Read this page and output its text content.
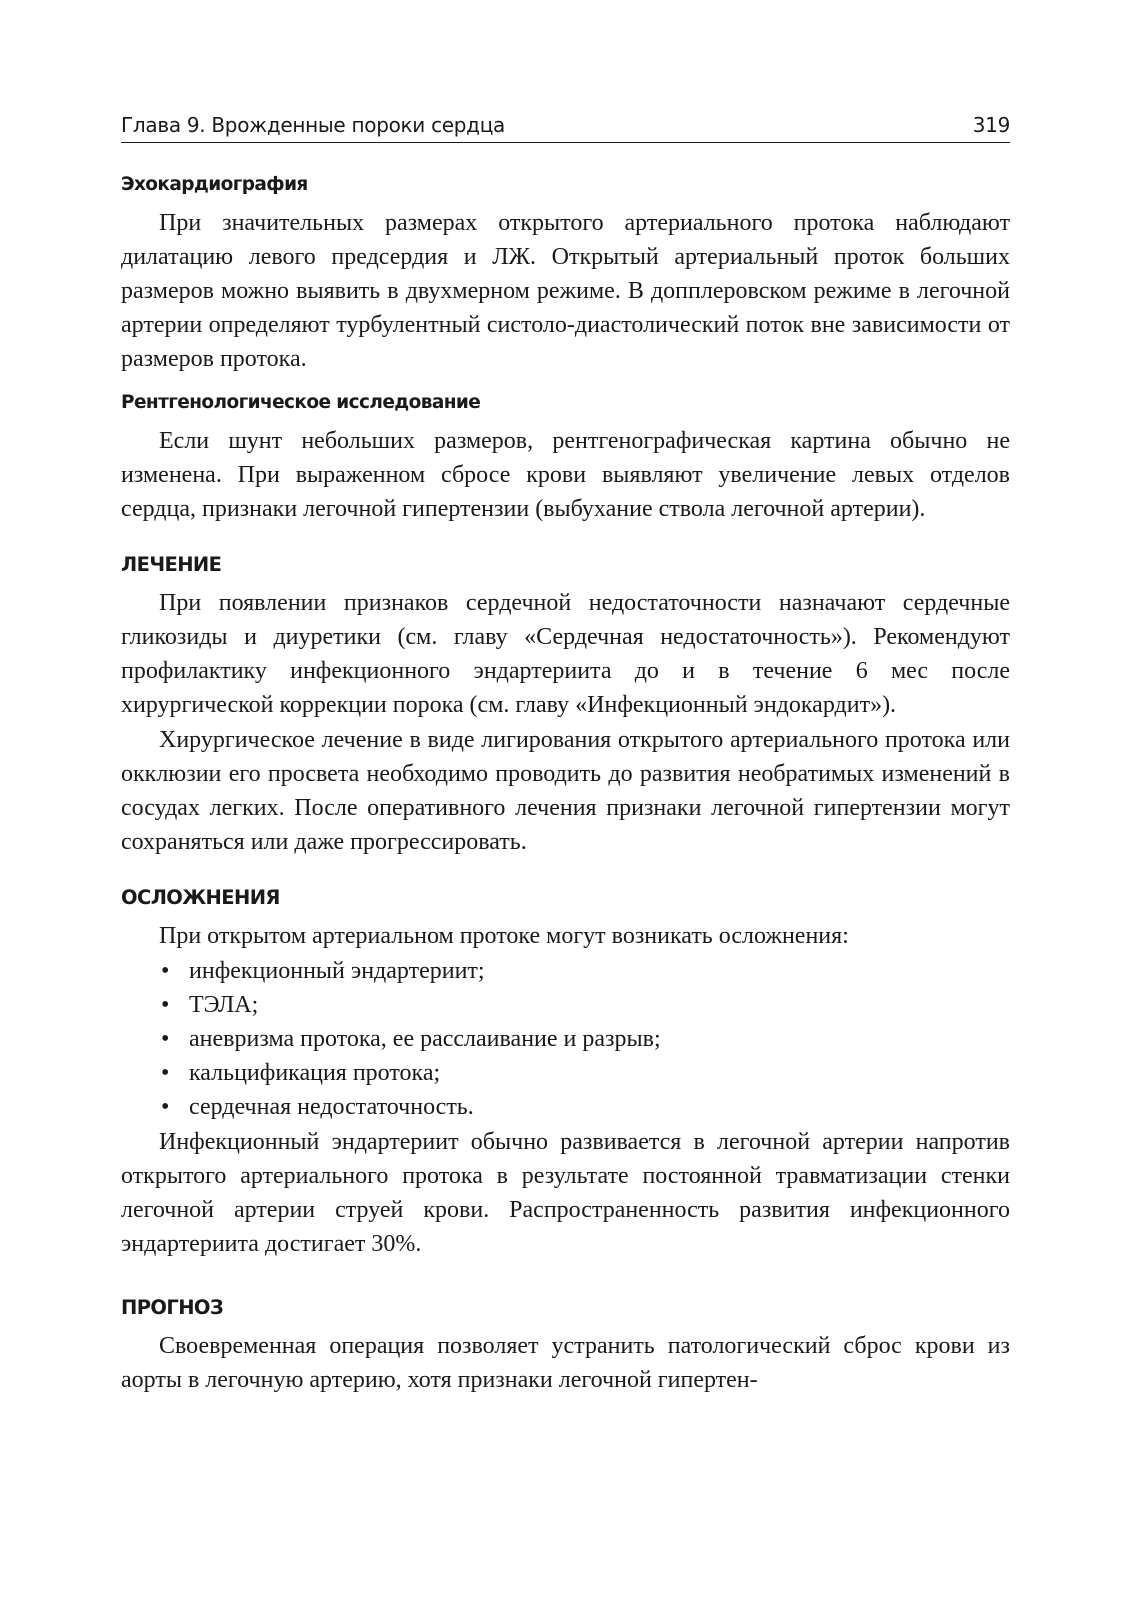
Глава 9. Врожденные пороки сердца	319
Эхокардиография

При значительных размерах открытого артериального протока наблюдают дилатацию левого предсердия и ЛЖ. Открытый артериальный проток больших размеров можно выявить в двухмерном режиме. В допплеровском режиме в легочной артерии определяют турбулентный систоло-диастолический поток вне зависимости от размеров протока.

Рентгенологическое исследование

Если шунт небольших размеров, рентгенографическая картина обычно не изменена. При выраженном сбросе крови выявляют увеличение левых отделов сердца, признаки легочной гипертензии (выбухание ствола легочной артерии).

ЛЕЧЕНИЕ

При появлении признаков сердечной недостаточности назначают сердечные гликозиды и диуретики (см. главу «Сердечная недостаточность»). Рекомендуют профилактику инфекционного эндартериита до и в течение 6 мес после хирургической коррекции порока (см. главу «Инфекционный эндокардит»).

Хирургическое лечение в виде лигирования открытого артериального протока или окклюзии его просвета необходимо проводить до развития необратимых изменений в сосудах легких. После оперативного лечения признаки легочной гипертензии могут сохраняться или даже прогрессировать.

ОСЛОЖНЕНИЯ

При открытом артериальном протоке могут возникать осложнения:

• инфекционный эндартериит;
• ТЭЛА;
• аневризма протока, ее расслаивание и разрыв;
• кальцификация протока;
• сердечная недостаточность.

Инфекционный эндартериит обычно развивается в легочной артерии напротив открытого артериального протока в результате постоянной травматизации стенки легочной артерии струей крови. Распространенность развития инфекционного эндартериита достигает 30%.

ПРОГНОЗ

Своевременная операция позволяет устранить патологический сброс крови из аорты в легочную артерию, хотя признаки легочной гипертен-
